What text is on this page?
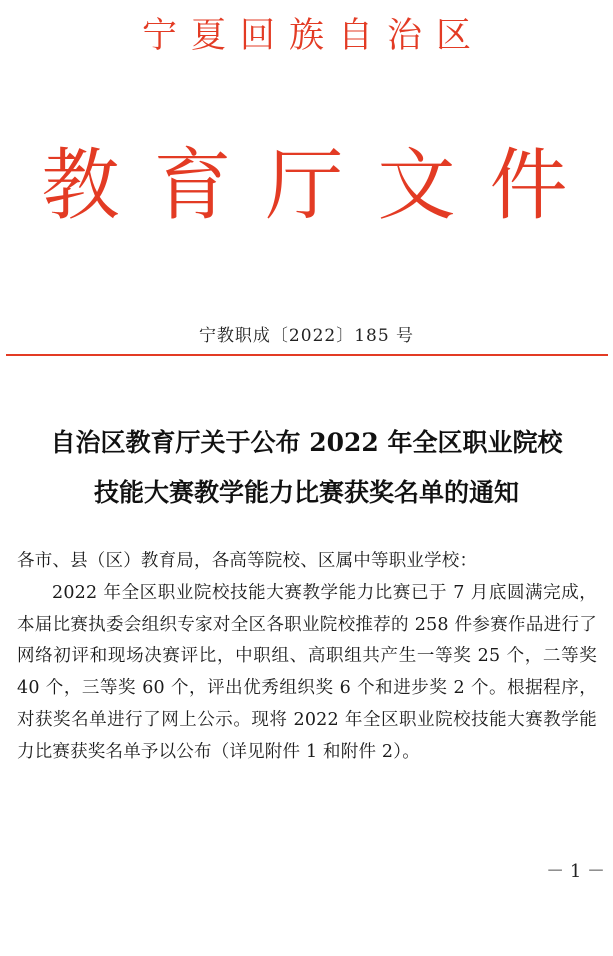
宁夏回族自治区
教育厅文件
宁教职成〔2022〕185 号
自治区教育厅关于公布 2022 年全区职业院校
技能大赛教学能力比赛获奖名单的通知

各市、县（区）教育局，各高等院校、区属中等职业学校：

2022 年全区职业院校技能大赛教学能力比赛已于 7 月底圆满完成，本届比赛执委会组织专家对全区各职业院校推荐的 258 件参赛作品进行了网络初评和现场决赛评比，中职组、高职组共产生一等奖 25 个，二等奖 40 个，三等奖 60 个，评出优秀组织奖 6 个和进步奖 2 个。根据程序，对获奖名单进行了网上公示。现将 2022 年全区职业院校技能大赛教学能力比赛获奖名单予以公布（详见附件 1 和附件 2）。

－ 1 －
